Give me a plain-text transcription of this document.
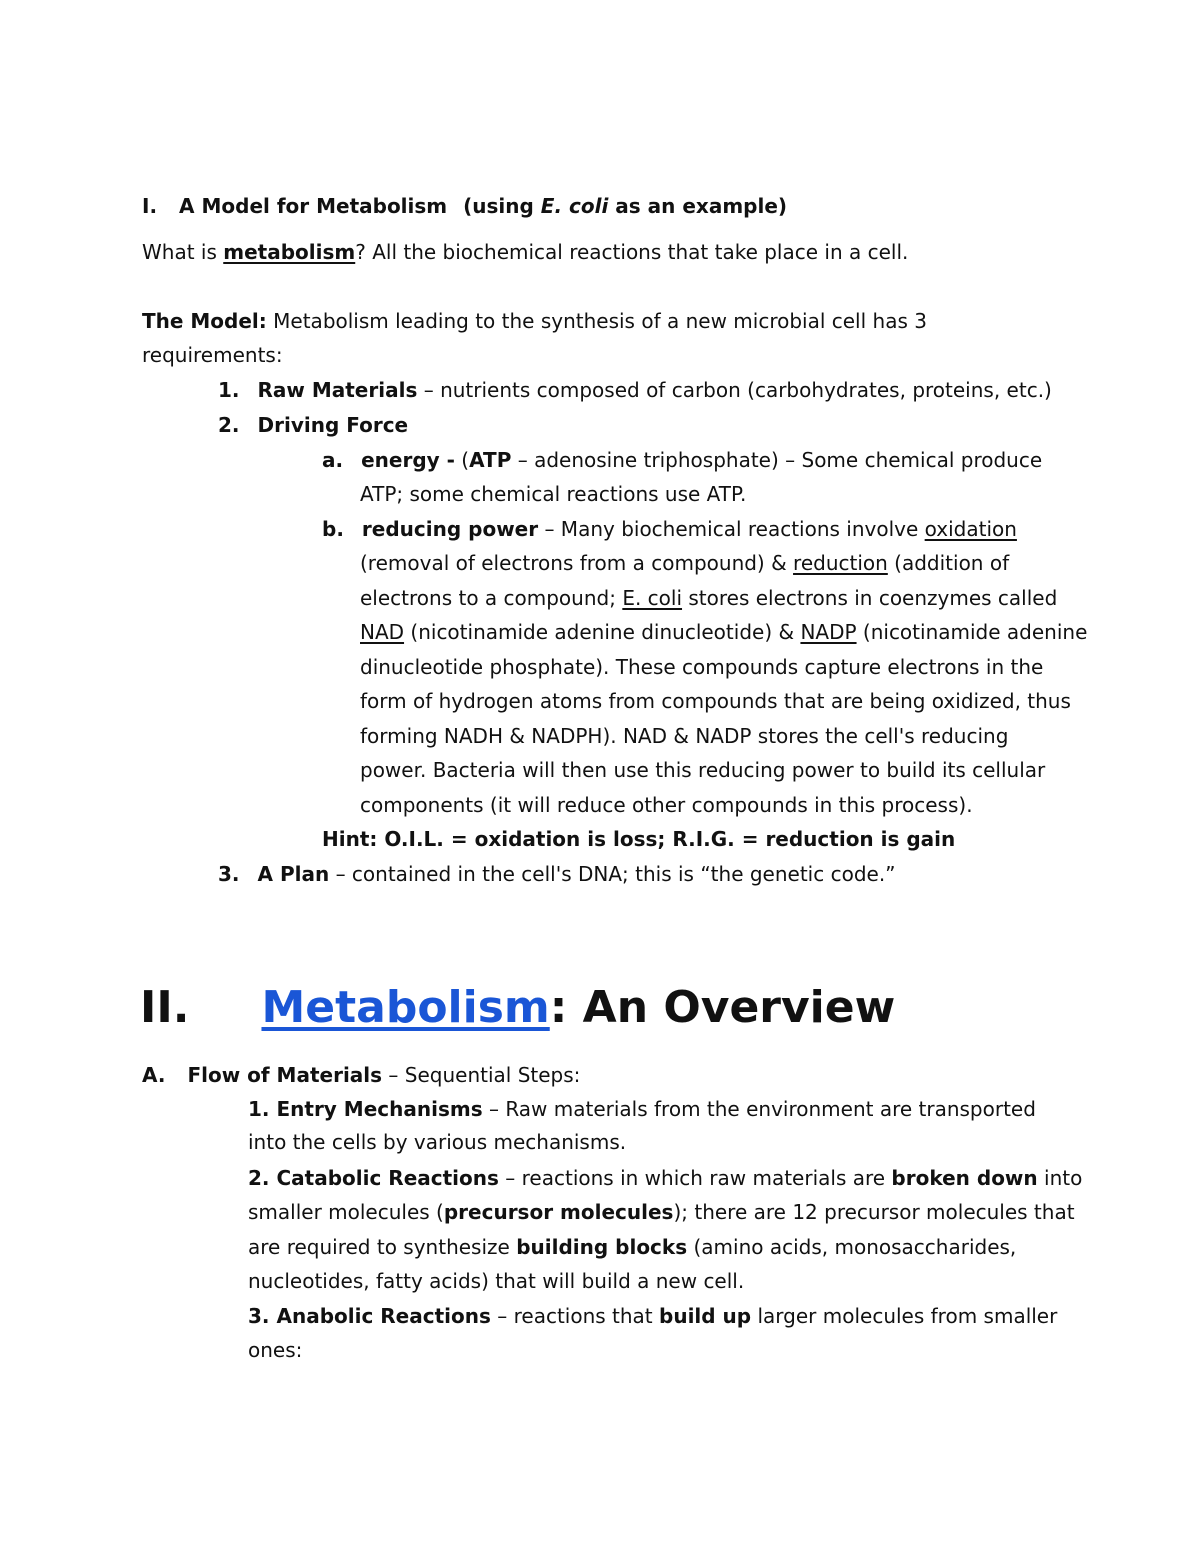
I. A Model for Metabolism (using E. coli as an example)
What is metabolism? All the biochemical reactions that take place in a cell.
The Model: Metabolism leading to the synthesis of a new microbial cell has 3
requirements:
1. Raw Materials – nutrients composed of carbon (carbohydrates, proteins, etc.)
2. Driving Force
a. energy - (ATP – adenosine triphosphate) – Some chemical produce
ATP; some chemical reactions use ATP.
b. reducing power – Many biochemical reactions involve oxidation
(removal of electrons from a compound) & reduction (addition of
electrons to a compound; E. coli stores electrons in coenzymes called
NAD (nicotinamide adenine dinucleotide) & NADP (nicotinamide adenine
dinucleotide phosphate). These compounds capture electrons in the
form of hydrogen atoms from compounds that are being oxidized, thus
forming NADH & NADPH). NAD & NADP stores the cell's reducing
power. Bacteria will then use this reducing power to build its cellular
components (it will reduce other compounds in this process).
Hint: O.I.L. = oxidation is loss; R.I.G. = reduction is gain
3. A Plan – contained in the cell's DNA; this is “the genetic code.”
II. Metabolism: An Overview
A. Flow of Materials – Sequential Steps:
1. Entry Mechanisms – Raw materials from the environment are transported
into the cells by various mechanisms.
2. Catabolic Reactions – reactions in which raw materials are broken down into
smaller molecules (precursor molecules); there are 12 precursor molecules that
are required to synthesize building blocks (amino acids, monosaccharides,
nucleotides, fatty acids) that will build a new cell.
3. Anabolic Reactions – reactions that build up larger molecules from smaller
ones:
